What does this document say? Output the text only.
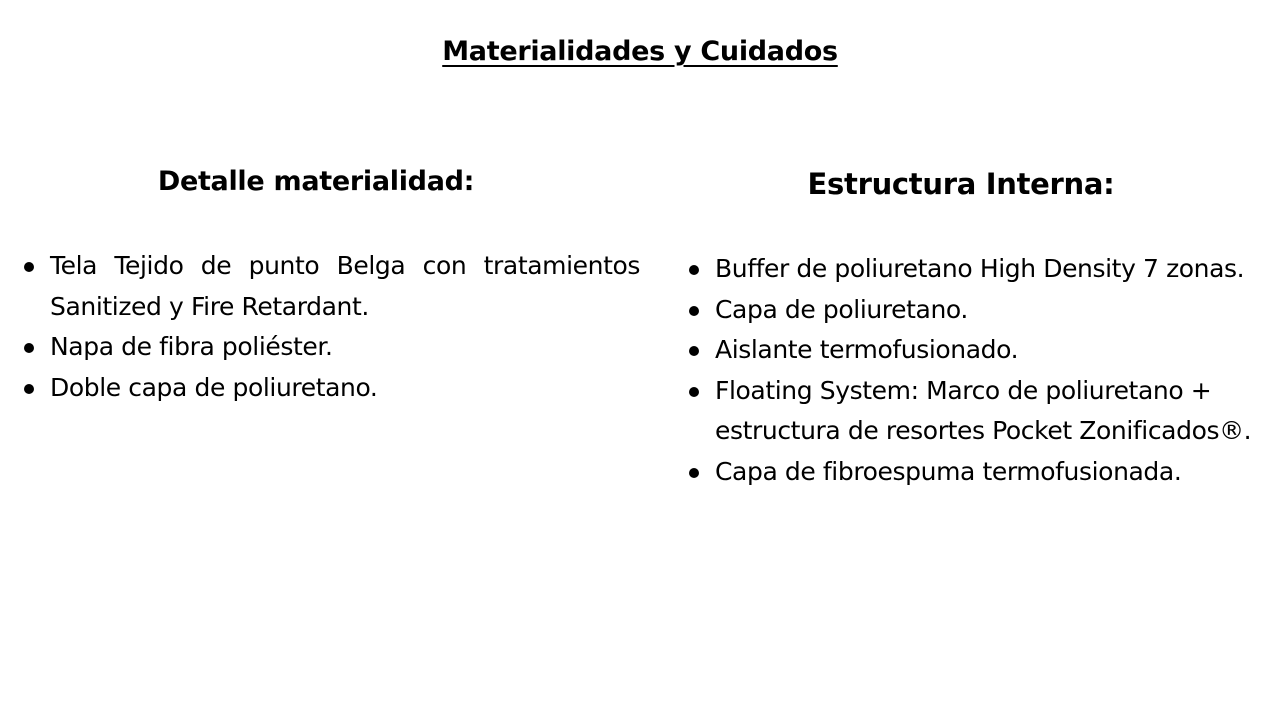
Materialidades y Cuidados
Detalle materialidad:
Tela Tejido de punto Belga con tratamientos Sanitized y Fire Retardant.
Napa de fibra poliéster.
Doble capa de poliuretano.
Estructura Interna:
Buffer de poliuretano High Density 7 zonas.
Capa de poliuretano.
Aislante termofusionado.
Floating System: Marco de poliuretano + estructura de resortes Pocket Zonificados®.
Capa de fibroespuma termofusionada.
